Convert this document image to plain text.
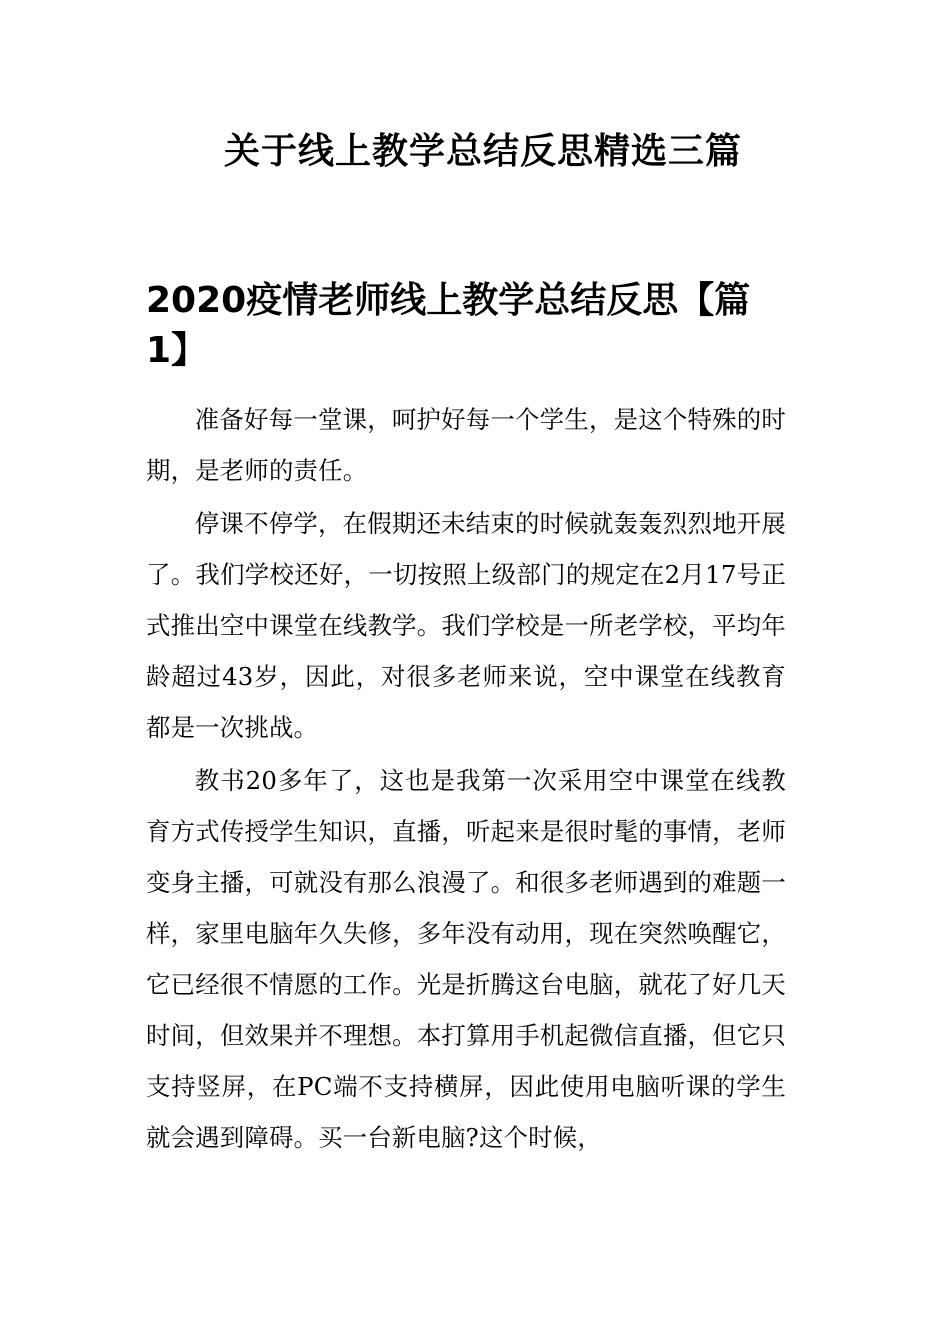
关于线上教学总结反思精选三篇
2020疫情老师线上教学总结反思【篇1】

准备好每一堂课，呵护好每一个学生，是这个特殊的时期，是老师的责任。

停课不停学，在假期还未结束的时候就轰轰烈烈地开展了。我们学校还好，一切按照上级部门的规定在2月17号正式推出空中课堂在线教学。我们学校是一所老学校，平均年龄超过43岁，因此，对很多老师来说，空中课堂在线教育都是一次挑战。

教书20多年了，这也是我第一次采用空中课堂在线教育方式传授学生知识，直播，听起来是很时髦的事情，老师变身主播，可就没有那么浪漫了。和很多老师遇到的难题一样，家里电脑年久失修，多年没有动用，现在突然唤醒它，它已经很不情愿的工作。光是折腾这台电脑，就花了好几天时间，但效果并不理想。本打算用手机起微信直播，但它只支持竖屏，在PC端不支持横屏，因此使用电脑听课的学生就会遇到障碍。买一台新电脑?这个时候，
